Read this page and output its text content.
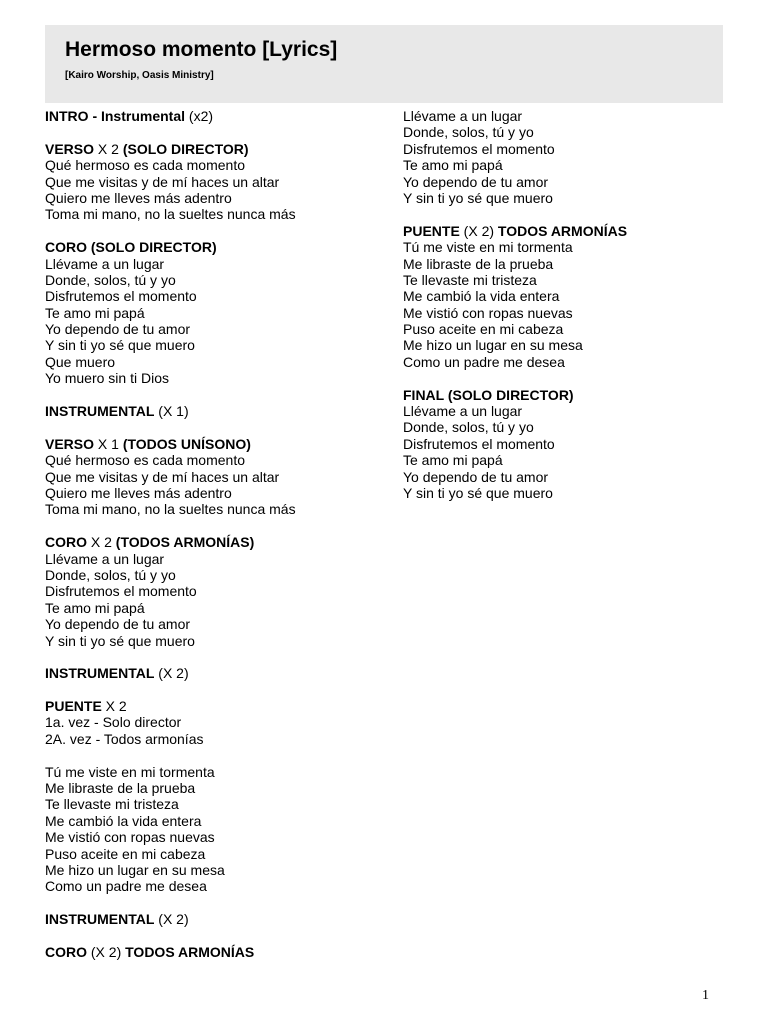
Hermoso momento [Lyrics]
[Kairo Worship, Oasis Ministry]
INTRO - Instrumental (x2)
VERSO X 2 (SOLO DIRECTOR)
Qué hermoso es cada momento
Que me visitas y de mí haces un altar
Quiero me lleves más adentro
Toma mi mano, no la sueltes nunca más
CORO (SOLO DIRECTOR)
Llévame a un lugar
Donde, solos, tú y yo
Disfrutemos el momento
Te amo mi papá
Yo dependo de tu amor
Y sin ti yo sé que muero
Que muero
Yo muero sin ti Dios
INSTRUMENTAL (X 1)
VERSO X 1 (TODOS UNÍSONO)
Qué hermoso es cada momento
Que me visitas y de mí haces un altar
Quiero me lleves más adentro
Toma mi mano, no la sueltes nunca más
CORO X 2 (TODOS ARMONÍAS)
Llévame a un lugar
Donde, solos, tú y yo
Disfrutemos el momento
Te amo mi papá
Yo dependo de tu amor
Y sin ti yo sé que muero
INSTRUMENTAL (X 2)
PUENTE X 2
1a. vez - Solo director
2A. vez - Todos armonías
Tú me viste en mi tormenta
Me libraste de la prueba
Te llevaste mi tristeza
Me cambió la vida entera
Me vistió con ropas nuevas
Puso aceite en mi cabeza
Me hizo un lugar en su mesa
Como un padre me desea
INSTRUMENTAL (X 2)
CORO (X 2) TODOS ARMONÍAS
Llévame a un lugar
Donde, solos, tú y yo
Disfrutemos el momento
Te amo mi papá
Yo dependo de tu amor
Y sin ti yo sé que muero
PUENTE (X 2) TODOS ARMONÍAS
Tú me viste en mi tormenta
Me libraste de la prueba
Te llevaste mi tristeza
Me cambió la vida entera
Me vistió con ropas nuevas
Puso aceite en mi cabeza
Me hizo un lugar en su mesa
Como un padre me desea
FINAL (SOLO DIRECTOR)
Llévame a un lugar
Donde, solos, tú y yo
Disfrutemos el momento
Te amo mi papá
Yo dependo de tu amor
Y sin ti yo sé que muero
1
